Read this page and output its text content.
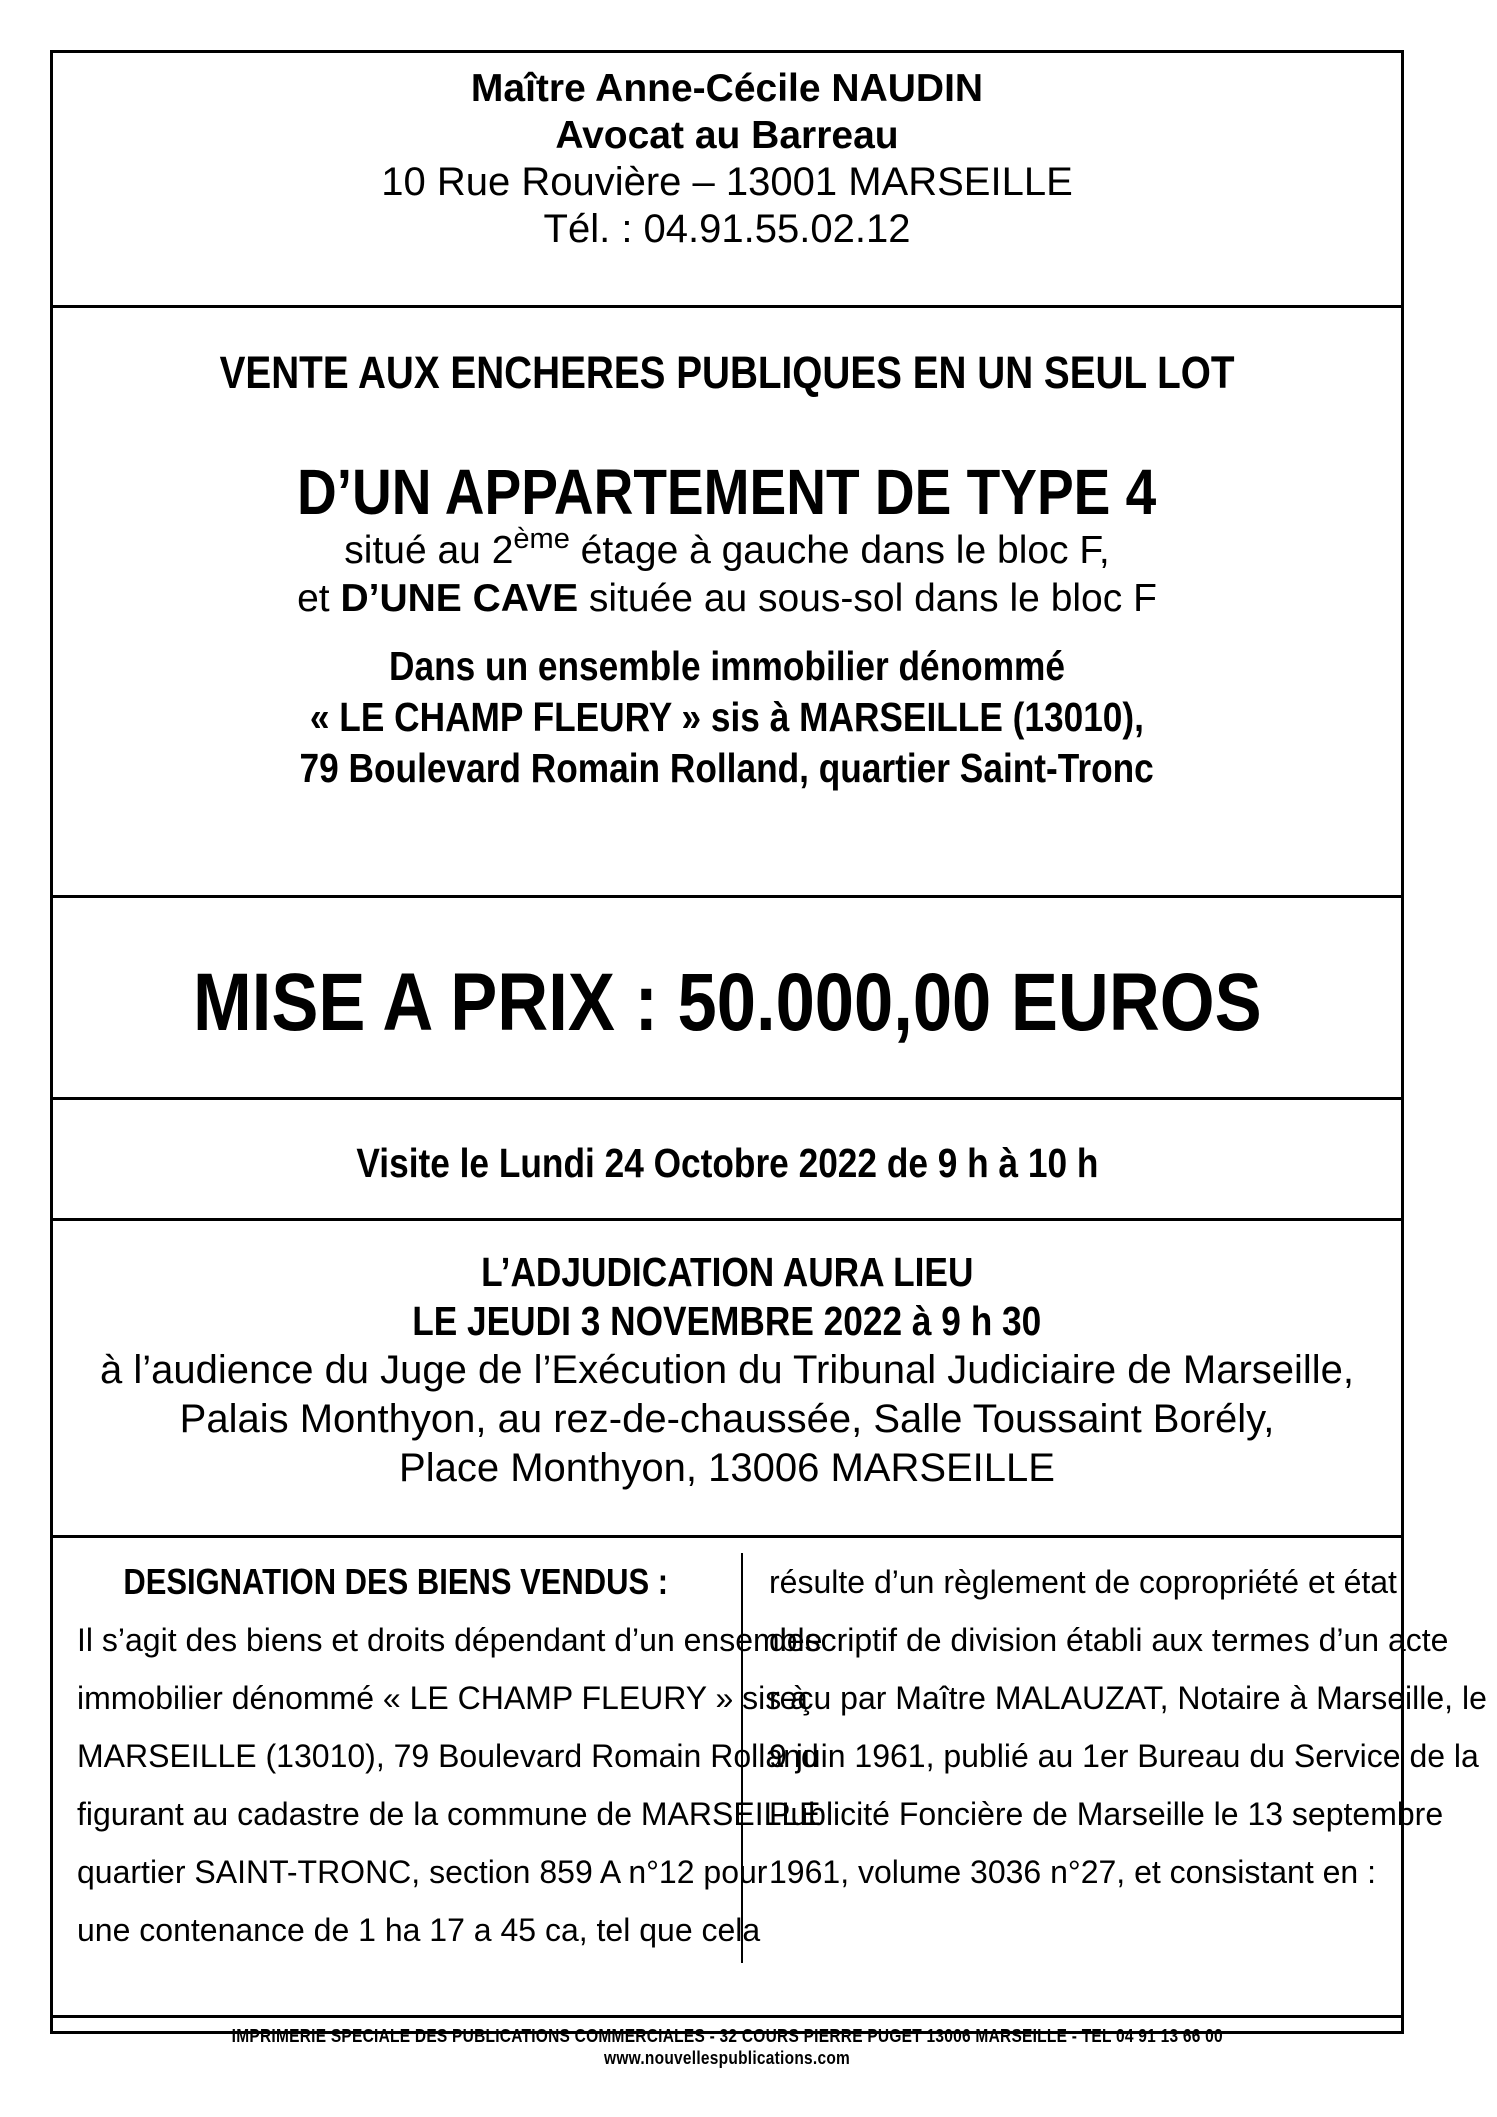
Maître Anne-Cécile NAUDIN
Avocat au Barreau
10 Rue Rouvière – 13001 MARSEILLE
Tél. : 04.91.55.02.12
VENTE AUX ENCHERES PUBLIQUES EN UN SEUL LOT
D’UN APPARTEMENT DE TYPE 4
situé au 2ème étage à gauche dans le bloc F,
et D’UNE CAVE située au sous-sol dans le bloc F
Dans un ensemble immobilier dénommé
« LE CHAMP FLEURY » sis à MARSEILLE (13010),
79 Boulevard Romain Rolland, quartier Saint-Tronc
MISE A PRIX : 50.000,00 EUROS
Visite le Lundi 24 Octobre 2022 de 9 h à 10 h
L’ADJUDICATION AURA LIEU
LE JEUDI 3 NOVEMBRE 2022 à 9 h 30
à l’audience du Juge de l’Exécution du Tribunal Judiciaire de Marseille,
Palais Monthyon, au rez-de-chaussée, Salle Toussaint Borély,
Place Monthyon, 13006 MARSEILLE
DESIGNATION DES BIENS VENDUS :
Il s’agit des biens et droits dépendant d’un ensemble
immobilier dénommé « LE CHAMP FLEURY » sis à
MARSEILLE (13010), 79 Boulevard Romain Rolland
figurant au cadastre de la commune de MARSEILLE
quartier SAINT-TRONC, section 859 A n°12 pour
une contenance de 1 ha 17 a 45 ca, tel que cela
résulte d’un règlement de copropriété et état
descriptif de division établi aux termes d’un acte
reçu par Maître MALAUZAT, Notaire à Marseille, le
9 juin 1961, publié au 1er Bureau du Service de la
Publicité Foncière de Marseille le 13 septembre
1961, volume 3036 n°27, et consistant en :
IMPRIMERIE SPECIALE DES PUBLICATIONS COMMERCIALES - 32 COURS PIERRE PUGET 13006 MARSEILLE - TEL 04 91 13 66 00
www.nouvellespublications.com
